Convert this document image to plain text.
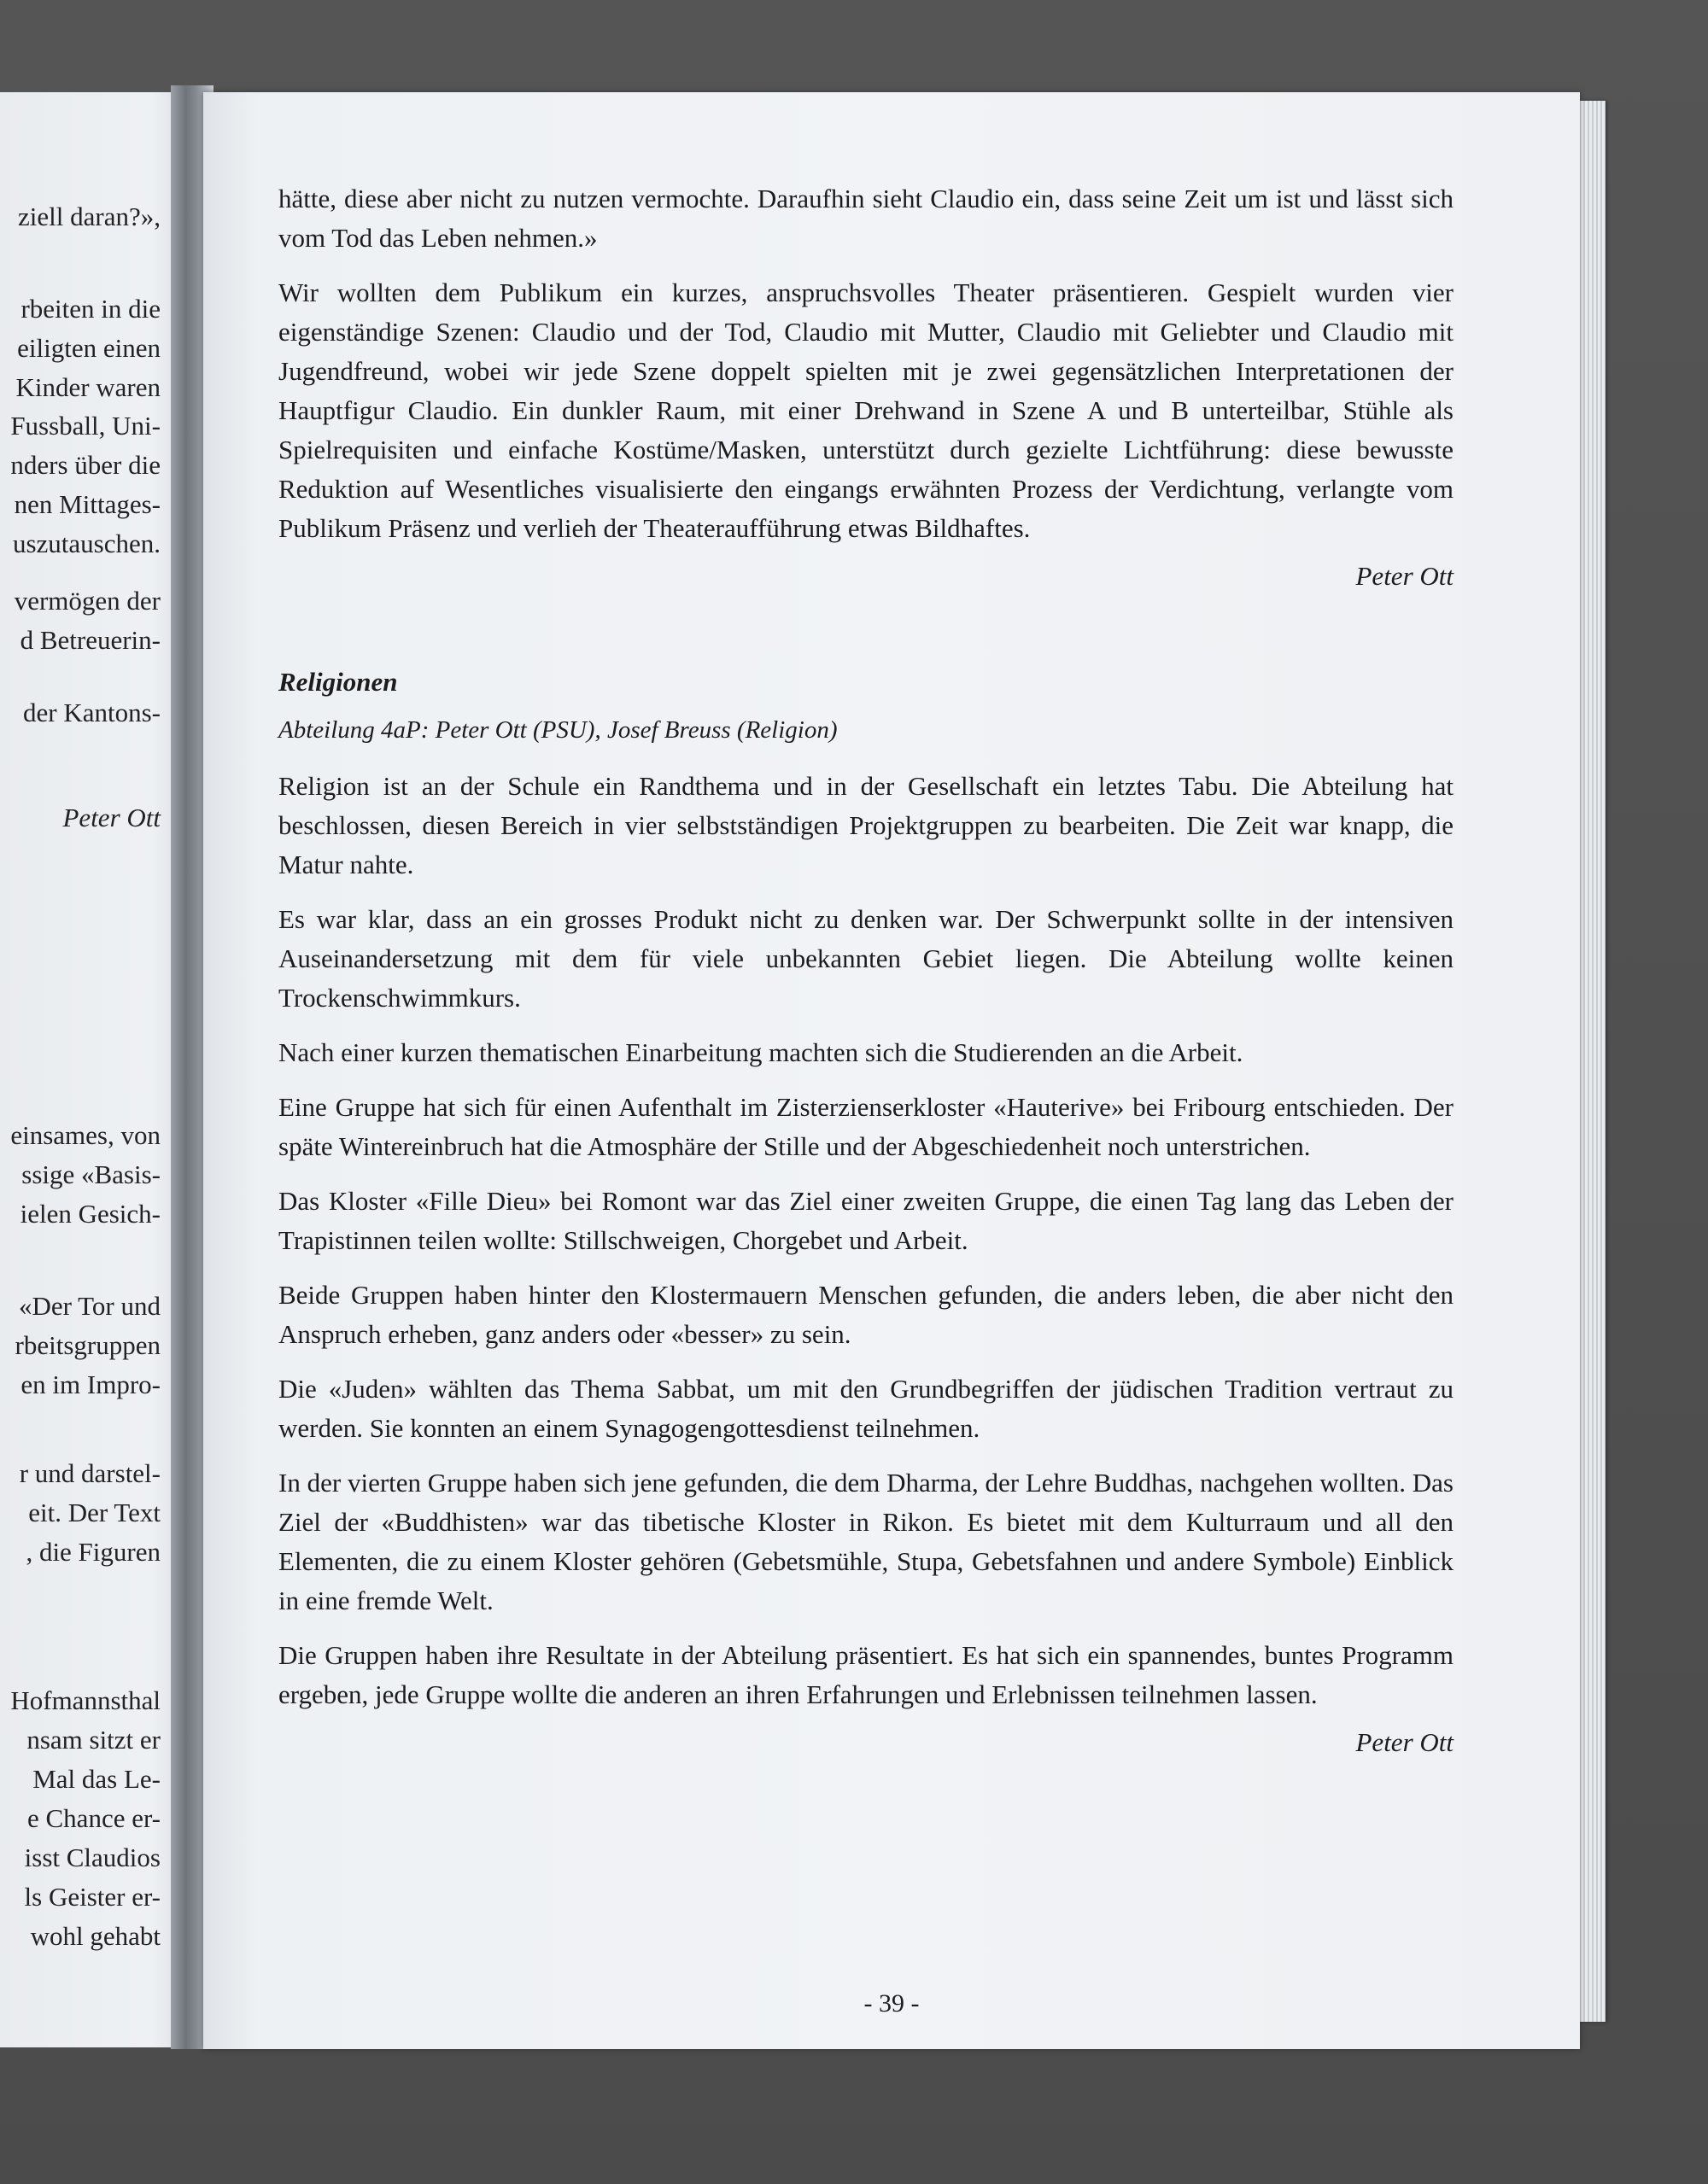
ziell daran?»,
rbeiten in die
eiligten einen
Kinder waren
Fussball, Uni-
nders über die
nen Mittages-
uszutauschen.
vermögen der
d Betreuerin-
der Kantons-
Peter Ott
einsames, von
ssige «Basis-
ielen Gesich-
«Der Tor und
rbeitsgruppen
en im Impro-
r und darstel-
eit. Der Text
, die Figuren
Hofmannsthal
nsam sitzt er
Mal das Le-
e Chance er-
isst Claudios
ls Geister er-
wohl gehabt

hätte, diese aber nicht zu nutzen vermochte. Daraufhin sieht Claudio ein, dass seine Zeit um ist und lässt sich vom Tod das Leben nehmen.»

Wir wollten dem Publikum ein kurzes, anspruchsvolles Theater präsentieren. Gespielt wurden vier eigenständige Szenen: Claudio und der Tod, Claudio mit Mutter, Claudio mit Geliebter und Claudio mit Jugendfreund, wobei wir jede Szene doppelt spielten mit je zwei gegensätzlichen Interpretationen der Hauptfigur Claudio. Ein dunkler Raum, mit einer Drehwand in Szene A und B unterteilbar, Stühle als Spielrequisiten und einfache Kostüme/Masken, unterstützt durch gezielte Lichtführung: diese bewusste Reduktion auf Wesentliches visualisierte den eingangs erwähnten Prozess der Verdichtung, verlangte vom Publikum Präsenz und verlieh der Theateraufführung etwas Bildhaftes.

Peter Ott

Religionen

Abteilung 4aP: Peter Ott (PSU), Josef Breuss (Religion)

Religion ist an der Schule ein Randthema und in der Gesellschaft ein letztes Tabu. Die Abteilung hat beschlossen, diesen Bereich in vier selbstständigen Projektgruppen zu bearbeiten. Die Zeit war knapp, die Matur nahte.

Es war klar, dass an ein grosses Produkt nicht zu denken war. Der Schwerpunkt sollte in der intensiven Auseinandersetzung mit dem für viele unbekannten Gebiet liegen. Die Abteilung wollte keinen Trockenschwimmkurs.

Nach einer kurzen thematischen Einarbeitung machten sich die Studierenden an die Arbeit.

Eine Gruppe hat sich für einen Aufenthalt im Zisterzienserkloster «Hauterive» bei Fribourg entschieden. Der späte Wintereinbruch hat die Atmosphäre der Stille und der Abgeschiedenheit noch unterstrichen.

Das Kloster «Fille Dieu» bei Romont war das Ziel einer zweiten Gruppe, die einen Tag lang das Leben der Trapistinnen teilen wollte: Stillschweigen, Chorgebet und Arbeit.

Beide Gruppen haben hinter den Klostermauern Menschen gefunden, die anders leben, die aber nicht den Anspruch erheben, ganz anders oder «besser» zu sein.

Die «Juden» wählten das Thema Sabbat, um mit den Grundbegriffen der jüdischen Tradition vertraut zu werden. Sie konnten an einem Synagogengottesdienst teilnehmen.

In der vierten Gruppe haben sich jene gefunden, die dem Dharma, der Lehre Buddhas, nachgehen wollten. Das Ziel der «Buddhisten» war das tibetische Kloster in Rikon. Es bietet mit dem Kulturraum und all den Elementen, die zu einem Kloster gehören (Gebetsmühle, Stupa, Gebetsfahnen und andere Symbole) Einblick in eine fremde Welt.

Die Gruppen haben ihre Resultate in der Abteilung präsentiert. Es hat sich ein spannendes, buntes Programm ergeben, jede Gruppe wollte die anderen an ihren Erfahrungen und Erlebnissen teilnehmen lassen.

Peter Ott

- 39 -
